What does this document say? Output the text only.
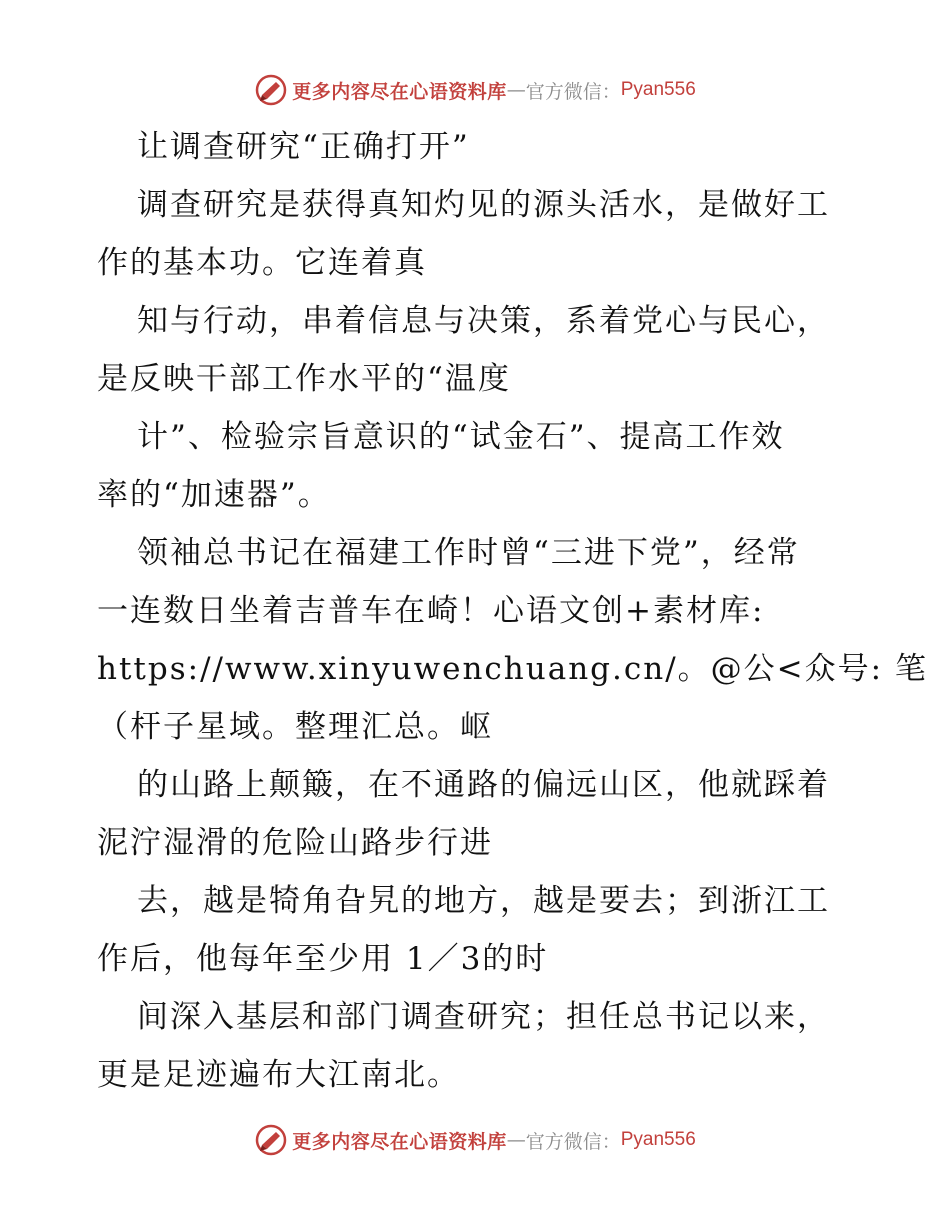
更多内容尽在心语资料库 — 官方微信： Pyan556
让调查研究“正确打开”
调查研究是获得真知灼见的源头活水，是做好工
作的基本功。它连着真
知与行动，串着信息与决策，系着党心与民心，
是反映干部工作水平的“温度
计”、检验宗旨意识的“试金石”、提高工作效
率的“加速器”。
领袖总书记在福建工作时曾“三进下党”，经常
一连数日坐着吉普车在崎！心语文创+素材库:
https://www.xinyuwenchuang.cn/。@公<众号: 笔
（杆子星域。整理汇总。岖
的山路上颠簸，在不通路的偏远山区，他就踩着
泥泞湿滑的危险山路步行进
去，越是犄角旮旯的地方，越是要去；到浙江工
作后，他每年至少用 1／3的时
间深入基层和部门调查研究；担任总书记以来，
更是足迹遍布大江南北。
更多内容尽在心语资料库 — 官方微信： Pyan556
